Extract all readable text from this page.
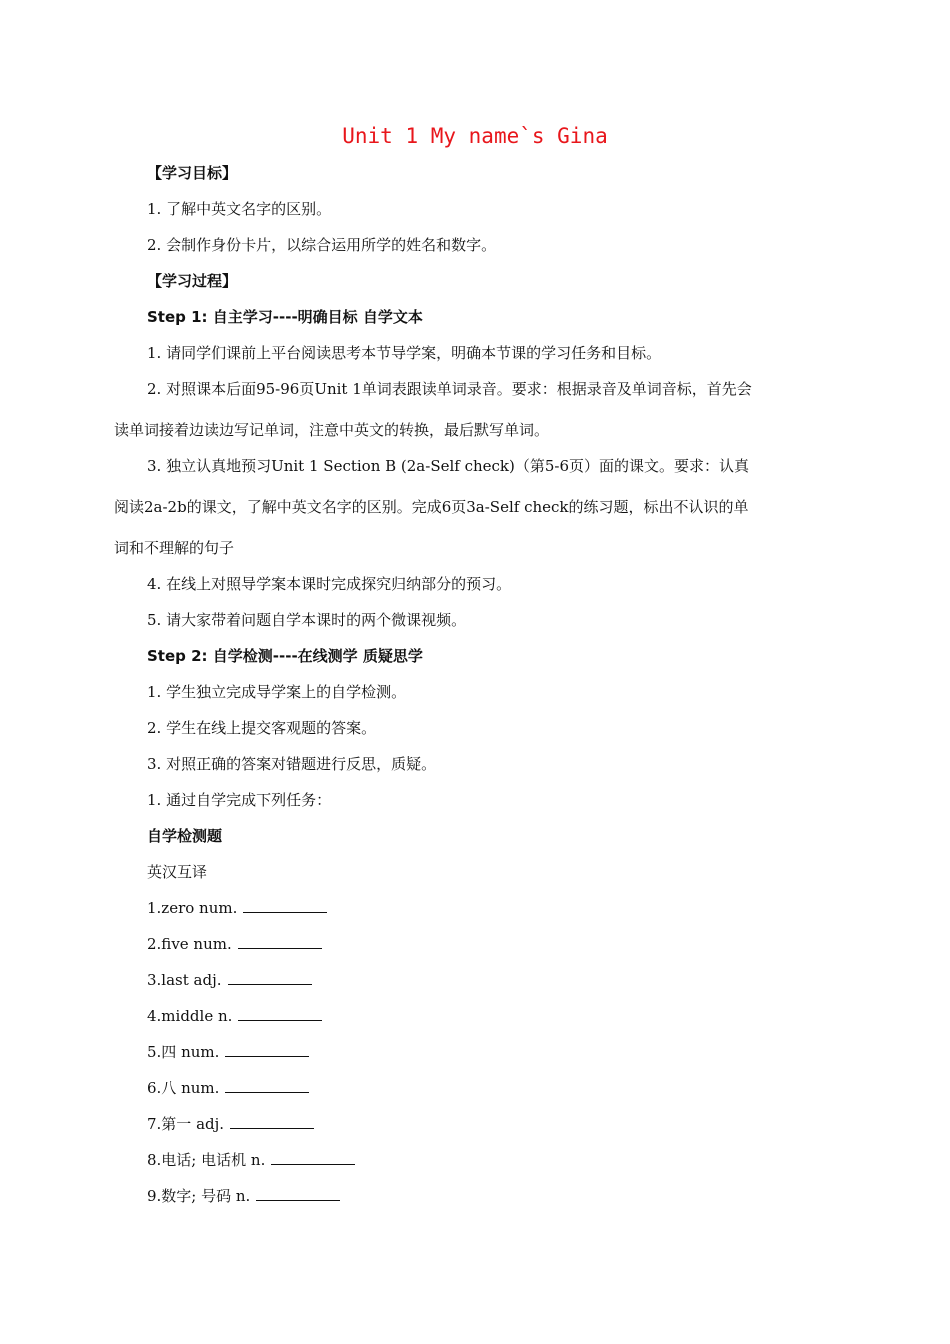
Unit 1 My name`s Gina
【学习目标】
1. 了解中英文名字的区别。
2. 会制作身份卡片，以综合运用所学的姓名和数字。
【学习过程】
Step 1: 自主学习----明确目标 自学文本
1. 请同学们课前上平台阅读思考本节导学案，明确本节课的学习任务和目标。
2. 对照课本后面95-96页Unit 1单词表跟读单词录音。要求：根据录音及单词音标，首先会
读单词接着边读边写记单词，注意中英文的转换，最后默写单词。
3. 独立认真地预习Unit 1 Section B (2a-Self check)（第5-6页）面的课文。要求：认真
阅读2a-2b的课文，了解中英文名字的区别。完成6页3a-Self check的练习题，标出不认识的单
词和不理解的句子
4. 在线上对照导学案本课时完成探究归纳部分的预习。
5. 请大家带着问题自学本课时的两个微课视频。
Step 2: 自学检测----在线测学 质疑思学
1. 学生独立完成导学案上的自学检测。
2. 学生在线上提交客观题的答案。
3. 对照正确的答案对错题进行反思，质疑。
1. 通过自学完成下列任务：
自学检测题
英汉互译
1.zero num.
2.five num.
3.last adj.
4.middle n.
5.四 num.
6.八 num.
7.第一 adj.
8.电话; 电话机 n.
9.数字; 号码 n.
